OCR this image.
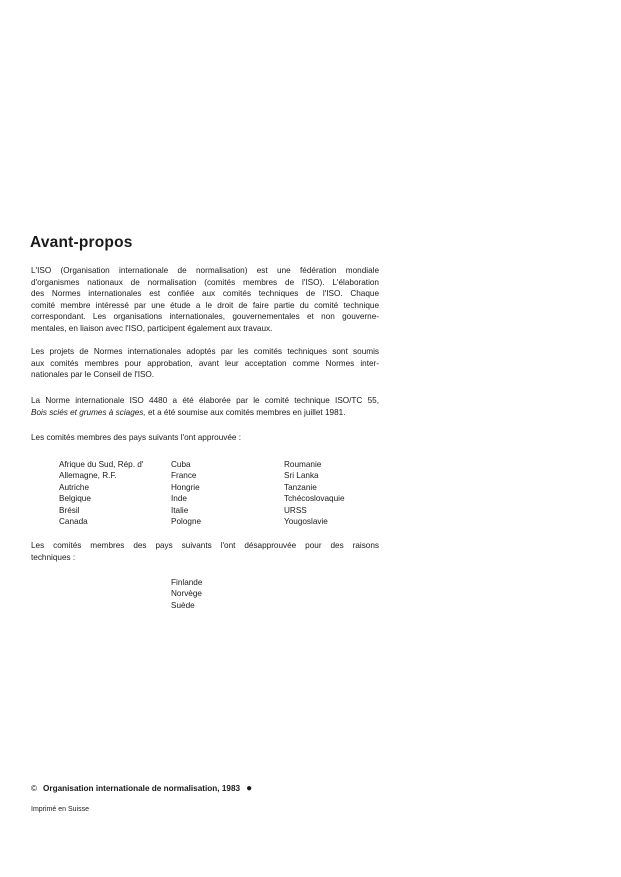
Avant-propos
L'ISO (Organisation internationale de normalisation) est une fédération mondiale
d'organismes nationaux de normalisation (comités membres de l'ISO). L'élaboration
des Normes internationales est confiée aux comités techniques de l'ISO. Chaque
comité membre intéressé par une étude a le droit de faire partie du comité technique
correspondant. Les organisations internationales, gouvernementales et non gouverne-
mentales, en liaison avec l'ISO, participent également aux travaux.
Les projets de Normes internationales adoptés par les comités techniques sont soumis
aux comités membres pour approbation, avant leur acceptation comme Normes inter-
nationales par le Conseil de l'ISO.
La Norme internationale ISO 4480 a été élaborée par le comité technique ISO/TC 55,
Bois sciés et grumes à sciages, et a été soumise aux comités membres en juillet 1981.
Les comités membres des pays suivants l'ont approuvée :
Afrique du Sud, Rép. d'
Allemagne, R.F.
Autriche
Belgique
Brésil
Canada
Cuba
France
Hongrie
Inde
Italie
Pologne
Roumanie
Sri Lanka
Tanzanie
Tchécoslovaquie
URSS
Yougoslavie
Les comités membres des pays suivants l'ont désapprouvée pour des raisons
techniques :
Finlande
Norvège
Suède
© Organisation internationale de normalisation, 1983 ●
Imprimé en Suisse
